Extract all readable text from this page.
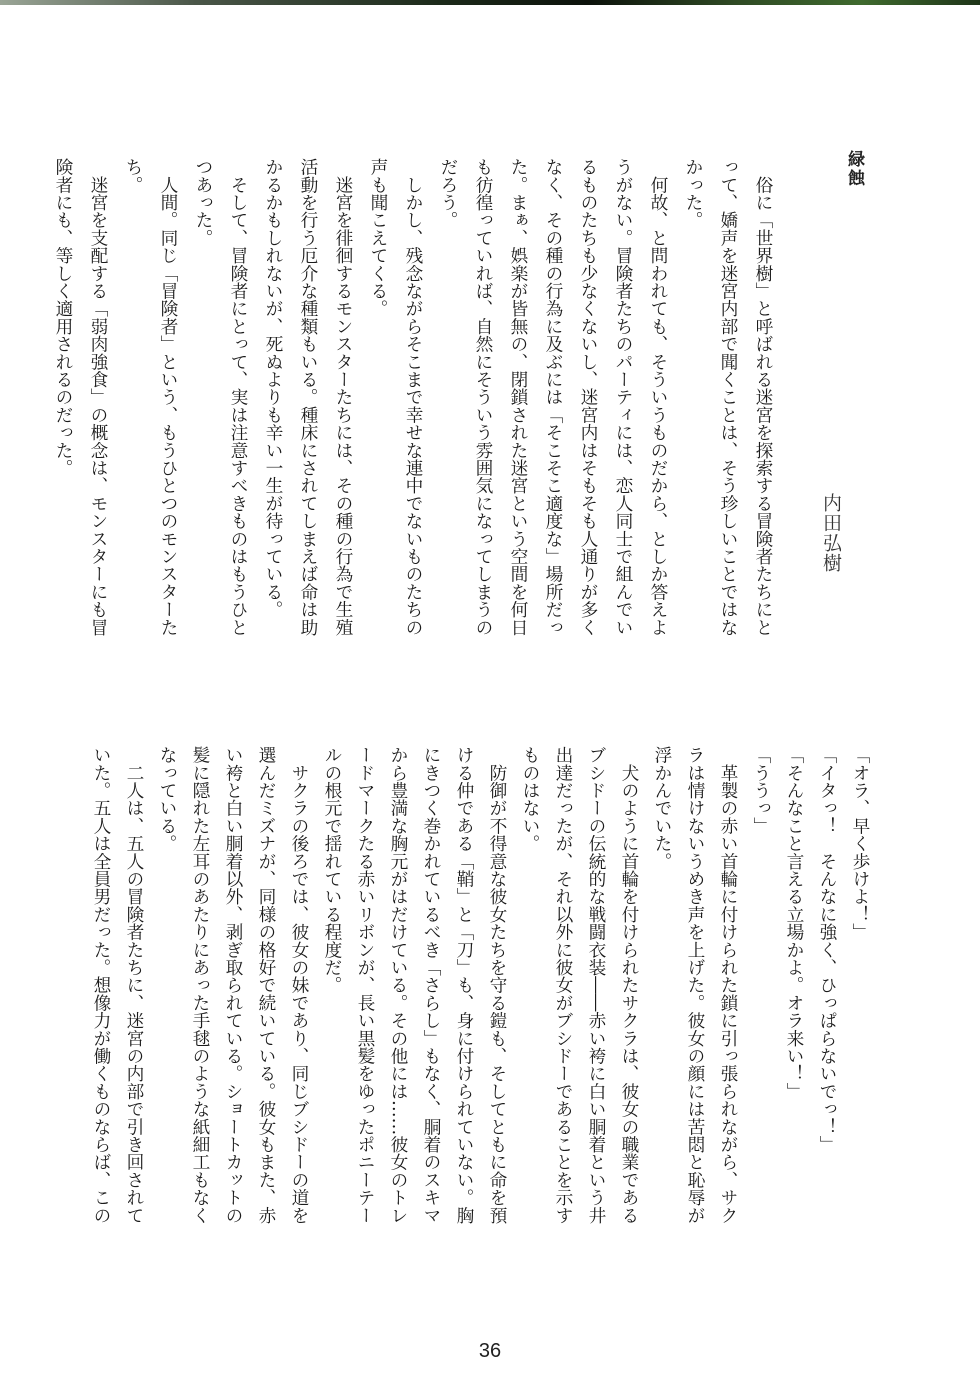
緑蝕
内田弘樹
　俗に「世界樹」と呼ばれる迷宮を探索する冒険者たちにと
って、嬌声を迷宮内部で聞くことは、そう珍しいことではな
かった。
　何故、と問われても、そういうものだから、としか答えよ
うがない。冒険者たちのパーティには、恋人同士で組んでい
るものたちも少なくないし、迷宮内はそもそも人通りが多く
なく、その種の行為に及ぶには「そこそこ適度な」場所だっ
た。まぁ、娯楽が皆無の、閉鎖された迷宮という空間を何日
も彷徨っていれば、自然にそういう雰囲気になってしまうの
だろう。
　しかし、残念ながらそこまで幸せな連中でないものたちの
声も聞こえてくる。
　迷宮を徘徊するモンスターたちには、その種の行為で生殖
活動を行う厄介な種類もいる。種床にされてしまえば命は助
かるかもしれないが、死ぬよりも辛い一生が待っている。
　そして、冒険者にとって、実は注意すべきものはもうひと
つあった。
　人間。同じ「冒険者」という、もうひとつのモンスターた
ち。
　迷宮を支配する「弱肉強食」の概念は、モンスターにも冒
険者にも、等しく適用されるのだった。
「オラ、早く歩けよ！」
「イタっ！　そんなに強く、ひっぱらないでっ！」
「そんなこと言える立場かよ。オラ来い！」
「ううっ」
　革製の赤い首輪に付けられた鎖に引っ張られながら、サク
ラは情けないうめき声を上げた。彼女の顔には苦悶と恥辱が
浮かんでいた。
　犬のように首輪を付けられたサクラは、彼女の職業である
ブシドーの伝統的な戦闘衣装――赤い袴に白い胴着という井
出達だったが、それ以外に彼女がブシドーであることを示す
ものはない。
　防御が不得意な彼女たちを守る鎧も、そしてともに命を預
ける仲である「鞘」と「刀」も、身に付けられていない。胸
にきつく巻かれているべき「さらし」もなく、胴着のスキマ
から豊満な胸元がはだけている。その他には……彼女のトレ
ードマークたる赤いリボンが、長い黒髪をゆったポニーテー
ルの根元で揺れている程度だ。
　サクラの後ろでは、彼女の妹であり、同じブシドーの道を
選んだミズナが、同様の格好で続いている。彼女もまた、赤
い袴と白い胴着以外、剥ぎ取られている。ショートカットの
髪に隠れた左耳のあたりにあった手毬のような紙細工もなく
なっている。
　二人は、五人の冒険者たちに、迷宮の内部で引き回されて
いた。五人は全員男だった。想像力が働くものならば、この
36
